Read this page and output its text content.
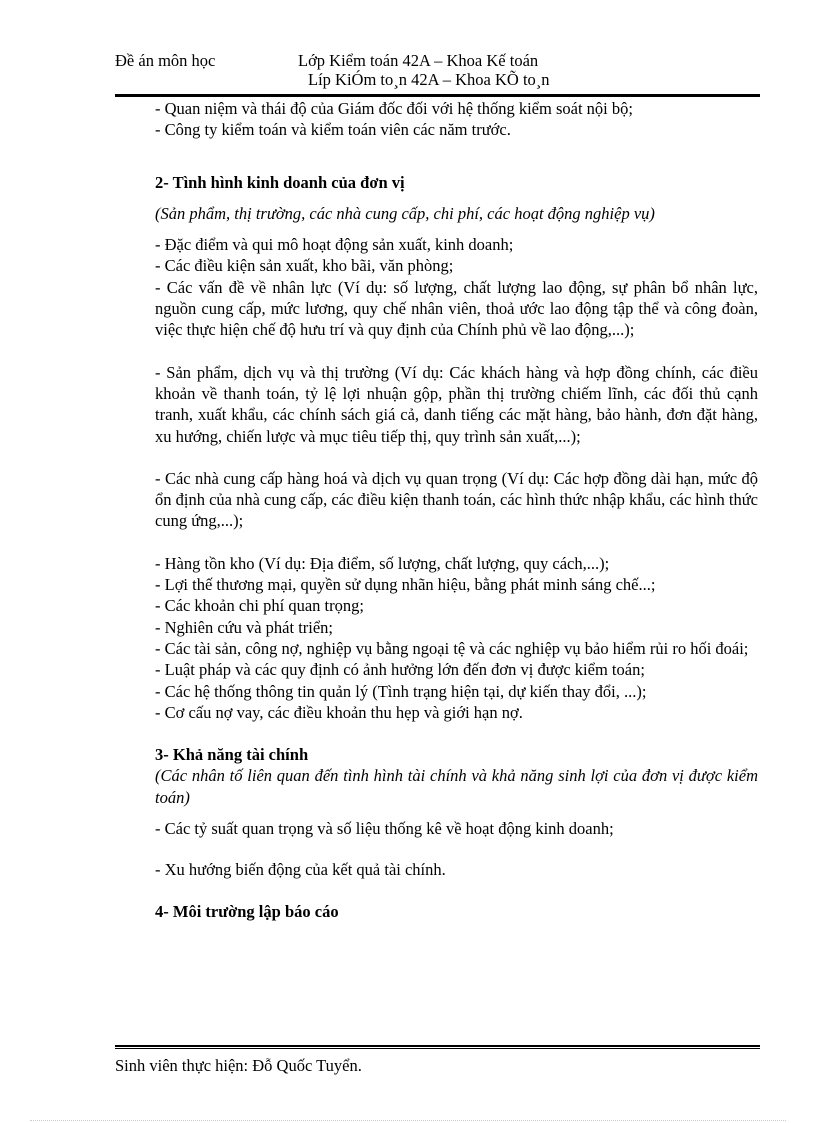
Đề án môn học	Lớp Kiểm toán 42A – Khoa Kế toán
Líp KiÓm to¸n 42A – Khoa KÕ to¸n

- Quan niệm và thái độ của Giám đốc đối với hệ thống kiểm soát nội bộ;

- Công ty kiểm toán và kiểm toán viên các năm trước.

2- Tình hình kinh doanh của đơn vị

(Sản phẩm, thị trường, các nhà cung cấp, chi phí, các hoạt động nghiệp vụ)

- Đặc điểm và qui mô hoạt động sản xuất, kinh doanh;

- Các điều kiện sản xuất, kho bãi, văn phòng;

- Các vấn đề về nhân lực (Ví dụ: số lượng, chất lượng lao động, sự phân bổ nhân lực, nguồn cung cấp, mức lương, quy chế nhân viên, thoả ước lao động tập thể và công đoàn, việc thực hiện chế độ hưu trí và quy định của Chính phủ về lao động,...);

- Sản phẩm, dịch vụ và thị trường (Ví dụ: Các khách hàng và hợp đồng chính, các điều khoản về thanh toán, tỷ lệ lợi nhuận gộp, phần thị trường chiếm lĩnh, các đối thủ cạnh tranh, xuất khẩu, các chính sách giá cả, danh tiếng các mặt hàng, bảo hành, đơn đặt hàng, xu hướng, chiến lược và mục tiêu tiếp thị, quy trình sản xuất,...);

- Các nhà cung cấp hàng hoá và dịch vụ quan trọng (Ví dụ: Các hợp đồng dài hạn, mức độ ổn định của nhà cung cấp, các điều kiện thanh toán, các hình thức nhập khẩu, các hình thức cung ứng,...);

- Hàng tồn kho (Ví dụ: Địa điểm, số lượng, chất lượng, quy cách,...);

- Lợi thế thương mại, quyền sử dụng nhãn hiệu, bằng phát minh sáng chế...;

- Các khoản chi phí quan trọng;

- Nghiên cứu và phát triển;

- Các tài sản, công nợ, nghiệp vụ bằng ngoại tệ và các nghiệp vụ bảo hiểm rủi ro hối đoái;

- Luật pháp và các quy định có ảnh hưởng lớn đến đơn vị được kiểm toán;

- Các hệ thống thông tin quản lý (Tình trạng hiện tại, dự kiến thay đổi, ...);

- Cơ cấu nợ vay, các điều khoản thu hẹp và giới hạn nợ.

3- Khả năng tài chính

(Các nhân tố liên quan đến tình hình tài chính và khả năng sinh lợi của đơn vị được kiểm toán)

- Các tỷ suất quan trọng và số liệu thống kê về hoạt động kinh doanh;

- Xu hướng biến động của kết quả tài chính.

4- Môi trường lập báo cáo
Sinh viên thực hiện: Đỗ Quốc Tuyển.
